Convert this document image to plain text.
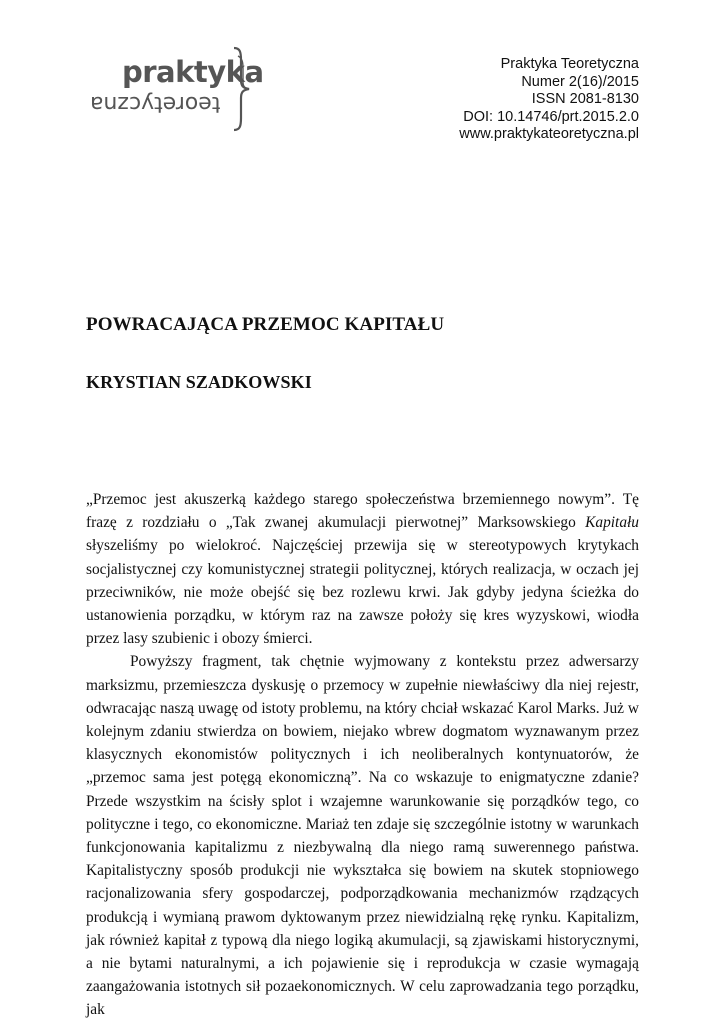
praktyka
teoretyczna
Praktyka Teoretyczna
Numer 2(16)/2015
ISSN 2081-8130
DOI: 10.14746/prt.2015.2.0
www.praktykateoretyczna.pl
POWRACAJĄCA PRZEMOC KAPITAŁU
KRYSTIAN SZADKOWSKI

„Przemoc jest akuszerką każdego starego społeczeństwa brzemiennego nowym”. Tę frazę z rozdziału o „Tak zwanej akumulacji pierwotnej” Marksowskiego Kapitału słyszeliśmy po wielokroć. Najczęściej przewija się w stereotypowych krytykach socjalistycznej czy komunistycznej strategii politycznej, których realizacja, w oczach jej przeciwników, nie może obejść się bez rozlewu krwi. Jak gdyby jedyna ścieżka do ustanowienia porządku, w którym raz na zawsze położy się kres wyzyskowi, wiodła przez lasy szubienic i obozy śmierci.

Powyższy fragment, tak chętnie wyjmowany z kontekstu przez adwersarzy marksizmu, przemieszcza dyskusję o przemocy w zupełnie niewłaściwy dla niej rejestr, odwracając naszą uwagę od istoty problemu, na który chciał wskazać Karol Marks. Już w kolejnym zdaniu stwierdza on bowiem, niejako wbrew dogmatom wyznawanym przez klasycznych ekonomistów politycznych i ich neoliberalnych kontynuatorów, że „przemoc sama jest potęgą ekonomiczną”. Na co wskazuje to enigmatyczne zdanie? Przede wszystkim na ścisły splot i wzajemne warunkowanie się porządków tego, co polityczne i tego, co ekonomiczne. Mariaż ten zdaje się szczególnie istotny w warunkach funkcjonowania kapitalizmu z niezbywalną dla niego ramą suwerennego państwa. Kapitalistyczny sposób produkcji nie wykształca się bowiem na skutek stopniowego racjonalizowania sfery gospodarczej, podporządkowania mechanizmów rządzących produkcją i wymianą prawom dyktowanym przez niewidzialną rękę rynku. Kapitalizm, jak również kapitał z typową dla niego logiką akumulacji, są zjawiskami historycznymi, a nie bytami naturalnymi, a ich pojawienie się i reprodukcja w czasie wymagają zaangażowania istotnych sił pozaekonomicznych. W celu zaprowadzania tego porządku, jak
